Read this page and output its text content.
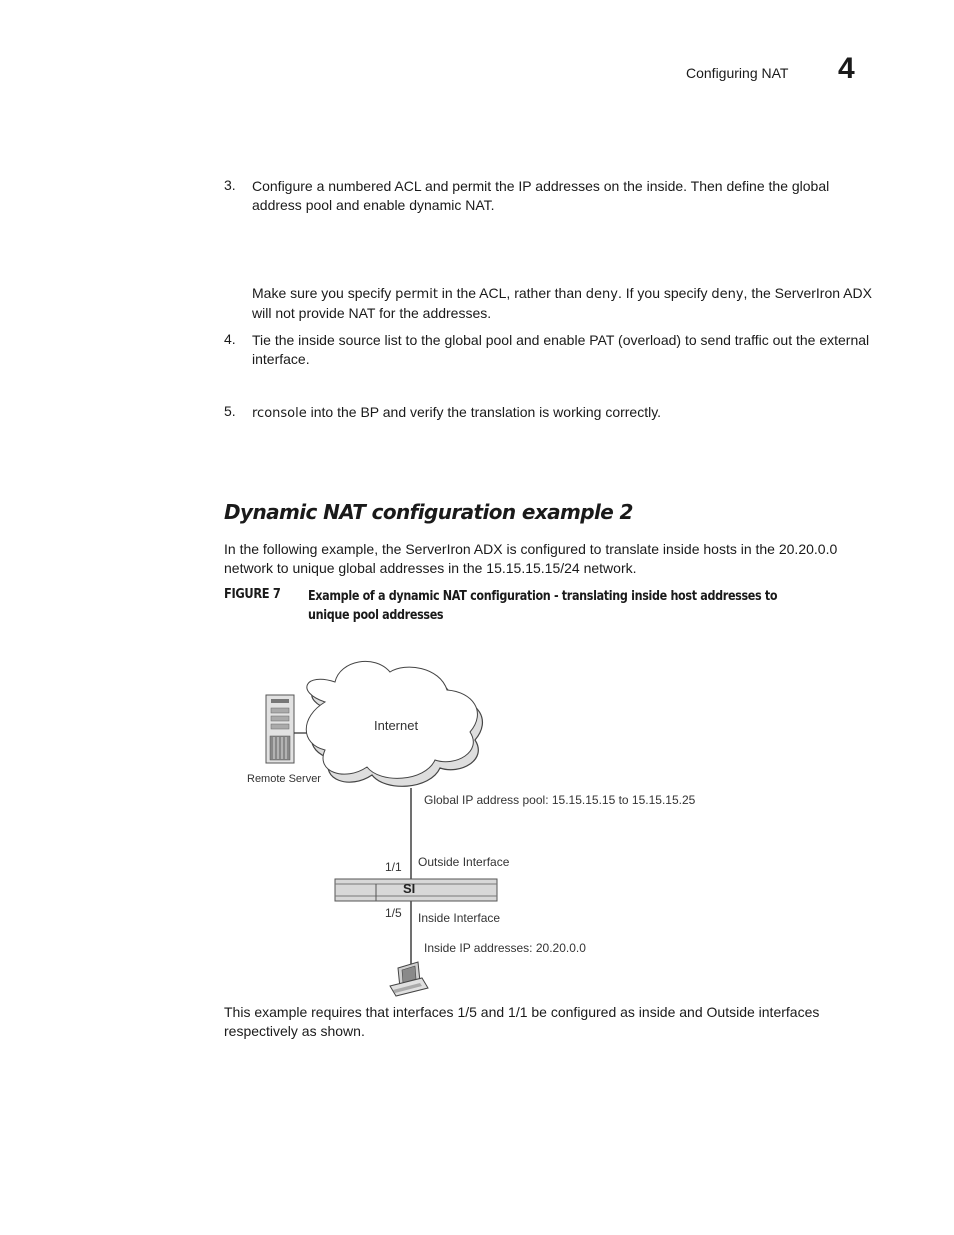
Configuring NAT 4
3. Configure a numbered ACL and permit the IP addresses on the inside. Then define the global address pool and enable dynamic NAT.
Make sure you specify permit in the ACL, rather than deny. If you specify deny, the ServerIron ADX will not provide NAT for the addresses.
4. Tie the inside source list to the global pool and enable PAT (overload) to send traffic out the external interface.
5. rconsole into the BP and verify the translation is working correctly.
Dynamic NAT configuration example 2
In the following example, the ServerIron ADX is configured to translate inside hosts in the 20.20.0.0 network to unique global addresses in the 15.15.15.15/24 network.
FIGURE 7 Example of a dynamic NAT configuration - translating inside host addresses to unique pool addresses
Internet
Remote Server
Global IP address pool: 15.15.15.15 to 15.15.15.25
1/1 Outside Interface
SI
1/5 Inside Interface
Inside IP addresses: 20.20.0.0
This example requires that interfaces 1/5 and 1/1 be configured as inside and Outside interfaces respectively as shown.
